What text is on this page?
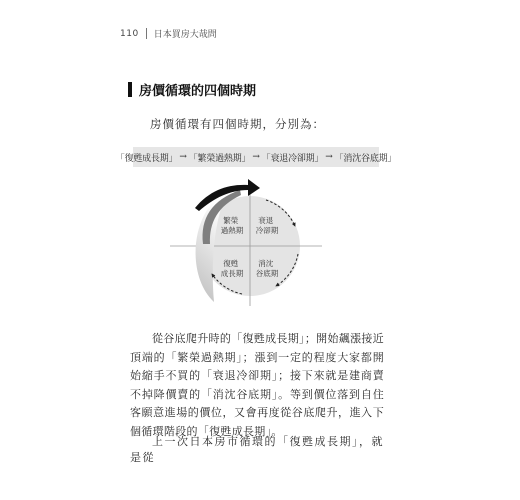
110 日本買房大哉問
房價循環的四個時期
房價循環有四個時期，分別為：
「復甦成長期」 → 「繁榮過熱期」 → 「衰退冷卻期」 → 「消沈谷底期」
繁榮 過熱期
衰退 冷卻期
復甦 成長期
消沈 谷底期

從谷底爬升時的「復甦成長期」；開始飆漲接近頂端的「繁榮過熱期」；漲到一定的程度大家都開始縮手不買的「衰退冷卻期」；接下來就是建商賣不掉降價賣的「消沈谷底期」。等到價位落到自住客願意進場的價位，又會再度從谷底爬升，進入下個循環階段的「復甦成長期」。

上一次日本房市循環的「復甦成長期」，就是從
